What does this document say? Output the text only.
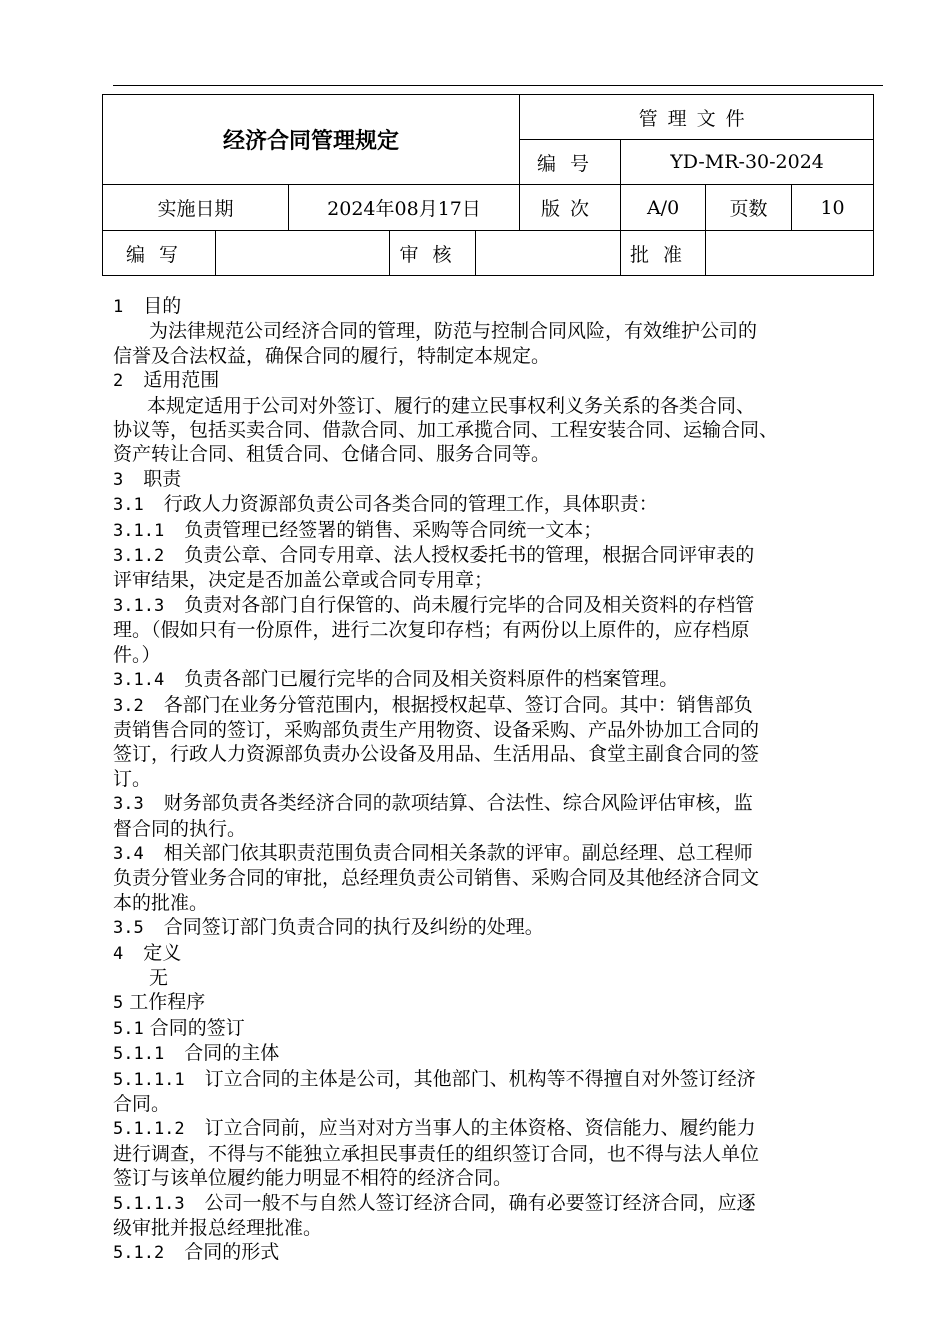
经济合同管理规定					管理文件			
					编号	YD-MR-30-2024		
实施日期		2024年08月17日			版次	A/0	页数	10
编写			审核			批准		

1 目的

为法律规范公司经济合同的管理，防范与控制合同风险，有效维护公司的

信誉及合法权益，确保合同的履行，特制定本规定。

2 适用范围

本规定适用于公司对外签订、履行的建立民事权利义务关系的各类合同、

协议等，包括买卖合同、借款合同、加工承揽合同、工程安装合同、运输合同、

资产转让合同、租赁合同、仓储合同、服务合同等。

3 职责

3.1 行政人力资源部负责公司各类合同的管理工作，具体职责：

3.1.1 负责管理已经签署的销售、采购等合同统一文本；

3.1.2 负责公章、合同专用章、法人授权委托书的管理，根据合同评审表的

评审结果，决定是否加盖公章或合同专用章；

3.1.3 负责对各部门自行保管的、尚未履行完毕的合同及相关资料的存档管

理。（假如只有一份原件，进行二次复印存档；有两份以上原件的，应存档原

件。）

3.1.4 负责各部门已履行完毕的合同及相关资料原件的档案管理。

3.2 各部门在业务分管范围内，根据授权起草、签订合同。其中：销售部负

责销售合同的签订，采购部负责生产用物资、设备采购、产品外协加工合同的

签订，行政人力资源部负责办公设备及用品、生活用品、食堂主副食合同的签

订。

3.3 财务部负责各类经济合同的款项结算、合法性、综合风险评估审核，监

督合同的执行。

3.4 相关部门依其职责范围负责合同相关条款的评审。副总经理、总工程师

负责分管业务合同的审批，总经理负责公司销售、采购合同及其他经济合同文

本的批准。

3.5 合同签订部门负责合同的执行及纠纷的处理。

4 定义

无

5 工作程序

5.1 合同的签订

5.1.1 合同的主体

5.1.1.1 订立合同的主体是公司，其他部门、机构等不得擅自对外签订经济

合同。

5.1.1.2 订立合同前，应当对对方当事人的主体资格、资信能力、履约能力

进行调查，不得与不能独立承担民事责任的组织签订合同，也不得与法人单位

签订与该单位履约能力明显不相符的经济合同。

5.1.1.3 公司一般不与自然人签订经济合同，确有必要签订经济合同，应逐

级审批并报总经理批准。

5.1.2 合同的形式
